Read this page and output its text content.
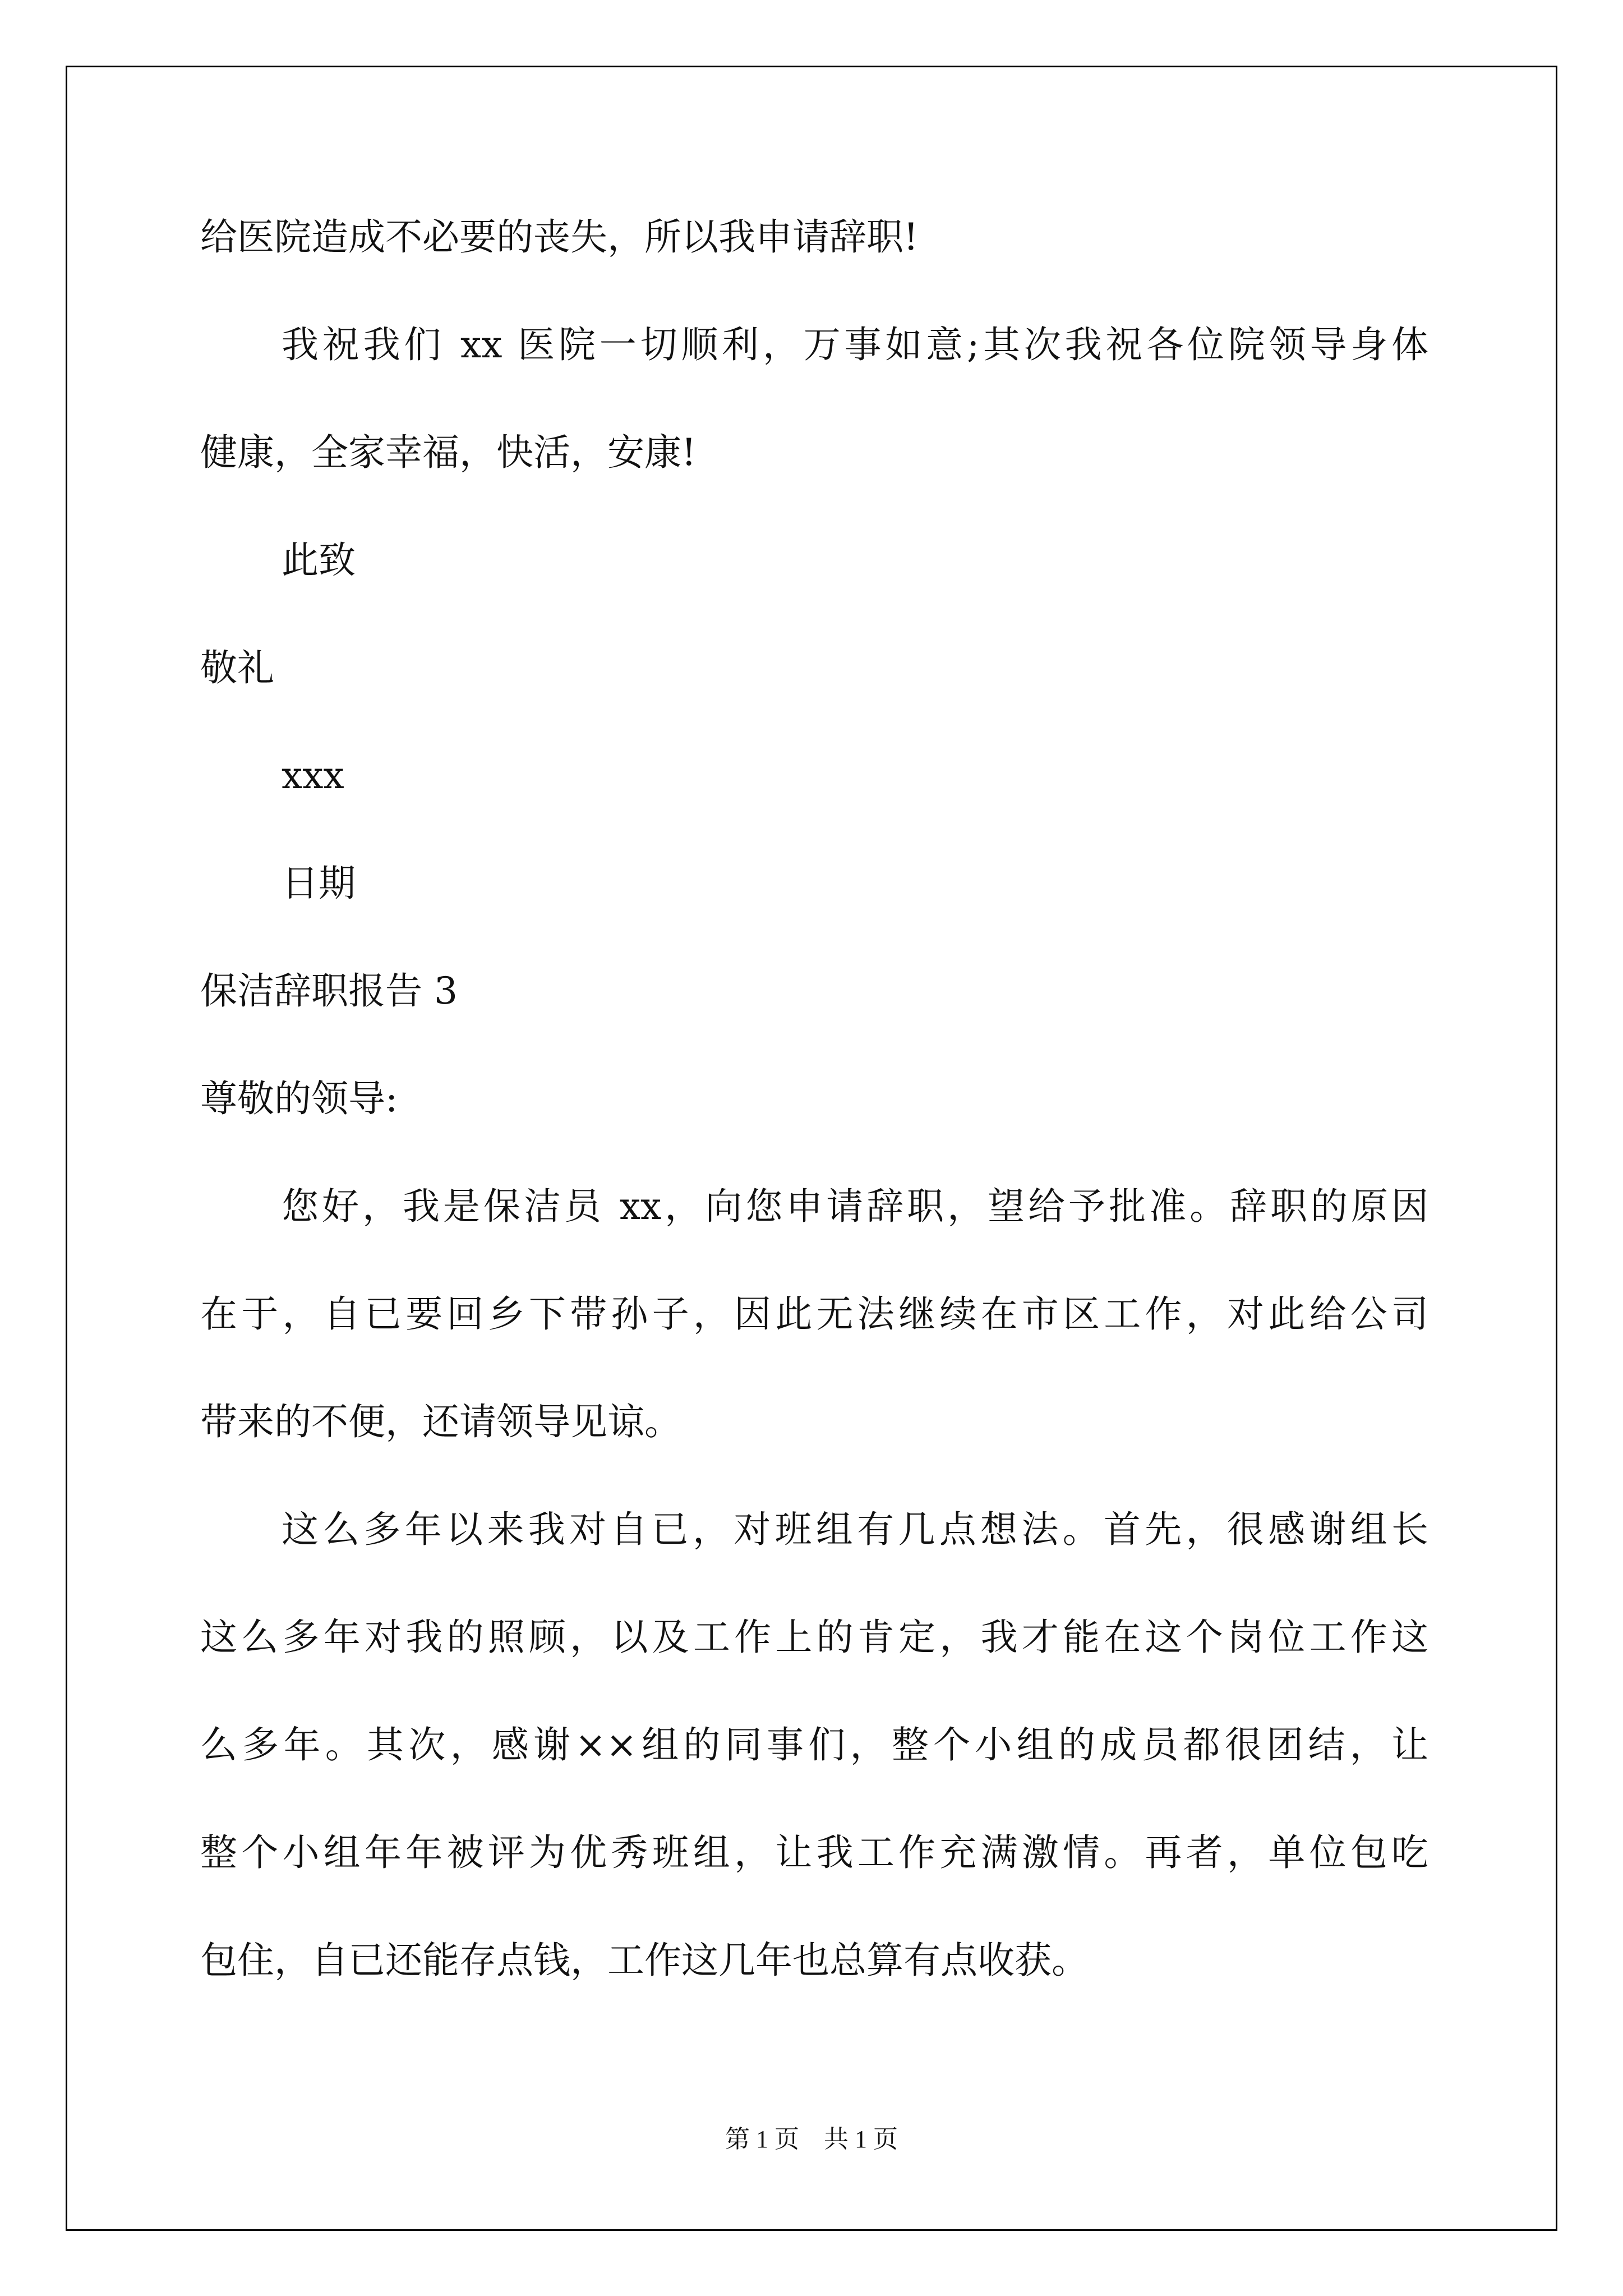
给医院造成不必要的丧失，所以我申请辞职!
我祝我们 xx 医院一切顺利，万事如意;其次我祝各位院领导身体
健康，全家幸福，快活，安康!
此致
敬礼
xxx
日期
保洁辞职报告 3
尊敬的领导:
您好，我是保洁员 xx，向您申请辞职，望给予批准。辞职的原因
在于，自已要回乡下带孙子，因此无法继续在市区工作，对此给公司
带来的不便，还请领导见谅。
这么多年以来我对自已，对班组有几点想法。首先，很感谢组长
这么多年对我的照顾，以及工作上的肯定，我才能在这个岗位工作这
么多年。其次，感谢××组的同事们，整个小组的成员都很团结，让
整个小组年年被评为优秀班组，让我工作充满激情。再者，单位包吃
包住，自已还能存点钱，工作这几年也总算有点收获。
第 1 页　共 1 页
